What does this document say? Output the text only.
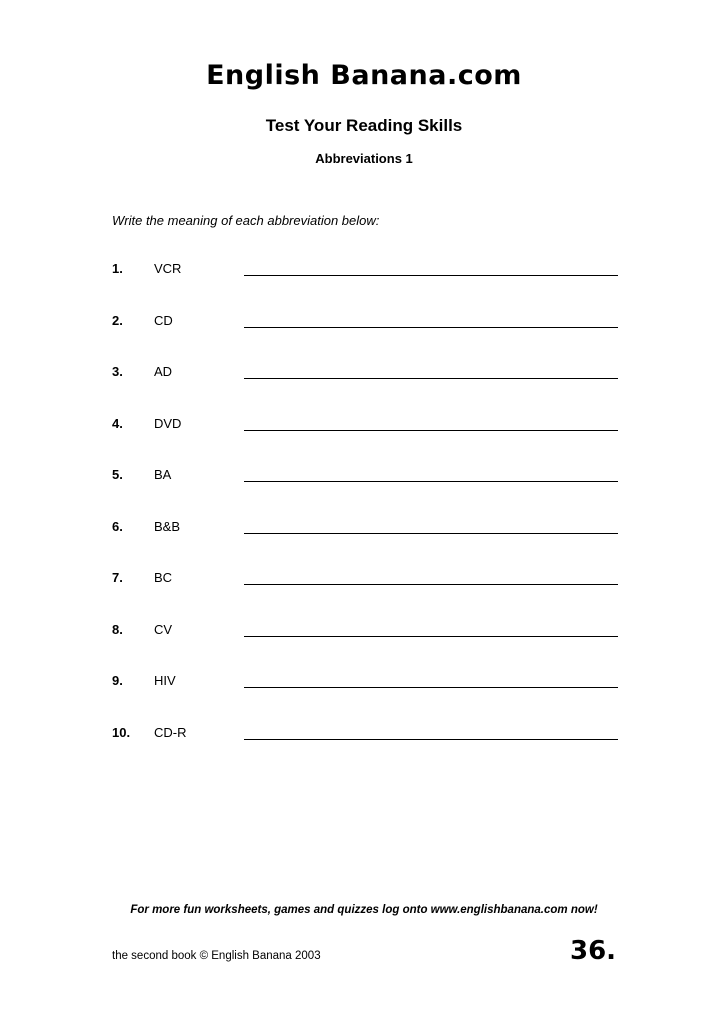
English Banana.com
Test Your Reading Skills
Abbreviations 1
Write the meaning of each abbreviation below:
1. VCR
2. CD
3. AD
4. DVD
5. BA
6. B&B
7. BC
8. CV
9. HIV
10. CD-R
For more fun worksheets, games and quizzes log onto www.englishbanana.com now!
the second book © English Banana 2003	36.
